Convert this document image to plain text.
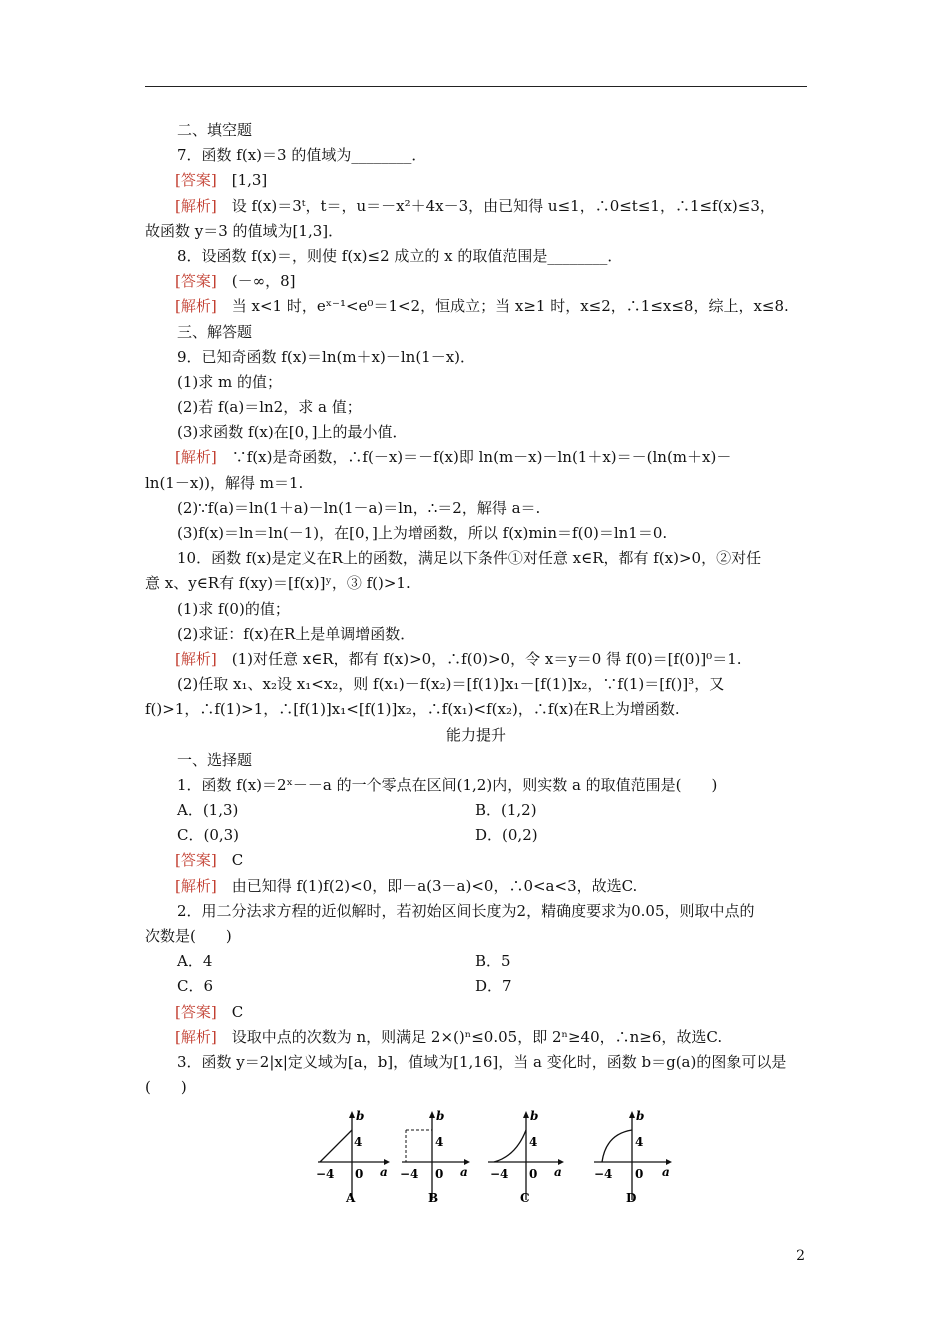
二、填空题
7．函数 f(x)＝3 的值域为________．
[答案]　[1,3]
[解析]　设 f(x)＝3ᵗ，t＝，u＝－x²＋4x－3，由已知得 u≤1，∴0≤t≤1，∴1≤f(x)≤3，
故函数 y＝3 的值域为[1,3]．
8．设函数 f(x)＝，则使 f(x)≤2 成立的 x 的取值范围是________．
[答案]　(－∞，8]
[解析]　当 x<1 时，eˣ⁻¹<e⁰＝1<2，恒成立；当 x≥1 时，x≤2，∴1≤x≤8，综上，x≤8.
三、解答题
9．已知奇函数 f(x)＝ln(m＋x)－ln(1－x)．
(1)求 m 的值；
(2)若 f(a)＝ln2，求 a 值；
(3)求函数 f(x)在[0，]上的最小值．
[解析]　∵f(x)是奇函数，∴f(－x)＝－f(x)即 ln(m－x)－ln(1＋x)＝－(ln(m＋x)－
ln(1－x))，解得 m＝1.
(2)∵f(a)＝ln(1＋a)－ln(1－a)＝ln，∴＝2，解得 a＝.
(3)f(x)＝ln＝ln(－1)，在[0，]上为增函数，所以 f(x)min＝f(0)＝ln1＝0.
10．函数 f(x)是定义在R上的函数，满足以下条件①对任意 x∈R，都有 f(x)>0，②对任
意 x、y∈R有 f(xy)＝[f(x)]ʸ，③ f()>1.
(1)求 f(0)的值；
(2)求证：f(x)在R上是单调增函数．
[解析]　(1)对任意 x∈R，都有 f(x)>0，∴f(0)>0，令 x＝y＝0 得 f(0)＝[f(0)]⁰＝1.
(2)任取 x₁、x₂设 x₁<x₂，则 f(x₁)－f(x₂)＝[f(1)]x₁－[f(1)]x₂，∵f(1)＝[f()]³，又
f()>1，∴f(1)>1，∴[f(1)]x₁<[f(1)]x₂，∴f(x₁)<f(x₂)，∴f(x)在R上为增函数.
能力提升
一、选择题
1．函数 f(x)＝2ˣ－－a 的一个零点在区间(1,2)内，则实数 a 的取值范围是(　　)
A．(1,3)	B．(1,2)
C．(0,3)	D．(0,2)
[答案]　C
[解析]　由已知得 f(1)f(2)<0，即－a(3－a)<0，∴0<a<3，故选C.
2．用二分法求方程的近似解时，若初始区间长度为2，精确度要求为0.05，则取中点的
次数是(　　)
A．4	B．5
C．6	D．7
[答案]　C
[解析]　设取中点的次数为 n，则满足 2×()ⁿ≤0.05，即 2ⁿ≥40，∴n≥6，故选C.
3．函数 y＝2|x|定义域为[a，b]，值域为[1,16]，当 a 变化时，函数 b＝g(a)的图象可以是
(　　)
b
4
−4 0 a
A
b
4
−4 0 a
B
b
4
−4 0 a
C
b
4
−4 0 a
D
2
